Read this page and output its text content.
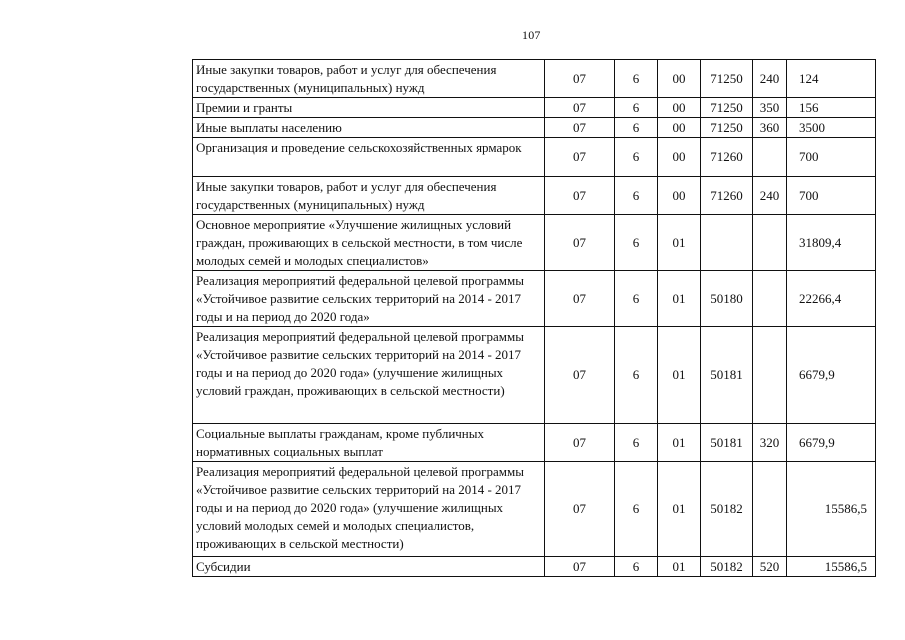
107
Иные закупки товаров, работ и услуг для обеспечения государственных (муниципальных) нужд	07	6	00	71250	240	124
Премии и гранты	07	6	00	71250	350	156
Иные выплаты населению	07	6	00	71250	360	3500
Организация и проведение сельскохозяйственных ярмарок	07	6	00	71260		700
Иные закупки товаров, работ и услуг для обеспечения государственных (муниципальных) нужд	07	6	00	71260	240	700
Основное мероприятие «Улучшение жилищных условий граждан, проживающих в сельской местности, в том числе молодых семей и молодых специалистов»	07	6	01			31809,4
Реализация мероприятий федеральной целевой программы «Устойчивое развитие сельских территорий на 2014 - 2017 годы и на период до 2020 года»	07	6	01	50180		22266,4
Реализация мероприятий федеральной целевой программы «Устойчивое развитие сельских территорий на 2014 - 2017 годы и на период до 2020 года» (улучшение жилищных условий граждан, проживающих в сельской местности)	07	6	01	50181		6679,9
Социальные выплаты гражданам, кроме публичных нормативных социальных выплат	07	6	01	50181	320	6679,9
Реализация мероприятий федеральной целевой программы «Устойчивое развитие сельских территорий на 2014 - 2017 годы и на период до 2020 года» (улучшение жилищных условий молодых семей и молодых специалистов, проживающих в сельской местности)	07	6	01	50182		15586,5
Субсидии	07	6	01	50182	520	15586,5
